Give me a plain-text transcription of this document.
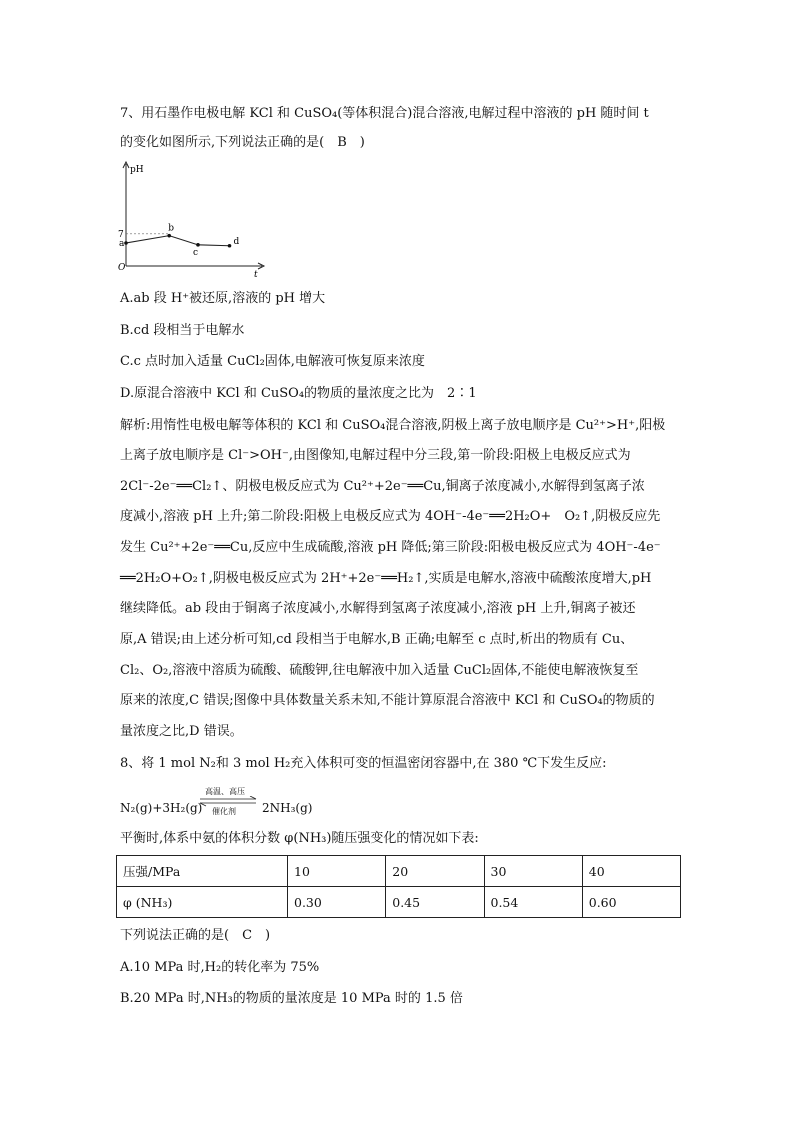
7、用石墨作电极电解 KCl 和 CuSO₄(等体积混合)混合溶液,电解过程中溶液的 pH 随时间 t
的变化如图所示,下列说法正确的是(　B　)
pH
t
O
7
a
b
c
d
A.ab 段 H⁺被还原,溶液的 pH 增大
B.cd 段相当于电解水
C.c 点时加入适量 CuCl₂固体,电解液可恢复原来浓度
D.原混合溶液中 KCl 和 CuSO₄的物质的量浓度之比为　2∶1
解析:用惰性电极电解等体积的 KCl 和 CuSO₄混合溶液,阴极上离子放电顺序是 Cu²⁺>H⁺,阳极
上离子放电顺序是 Cl⁻>OH⁻,由图像知,电解过程中分三段,第一阶段:阳极上电极反应式为
2Cl⁻-2e⁻══Cl₂↑、阴极电极反应式为 Cu²⁺+2e⁻══Cu,铜离子浓度减小,水解得到氢离子浓
度减小,溶液 pH 上升;第二阶段:阳极上电极反应式为 4OH⁻-4e⁻══2H₂O+　O₂↑,阴极反应先
发生 Cu²⁺+2e⁻══Cu,反应中生成硫酸,溶液 pH 降低;第三阶段:阳极电极反应式为 4OH⁻-4e⁻
══2H₂O+O₂↑,阴极电极反应式为 2H⁺+2e⁻══H₂↑,实质是电解水,溶液中硫酸浓度增大,pH
继续降低。ab 段由于铜离子浓度减小,水解得到氢离子浓度减小,溶液 pH 上升,铜离子被还
原,A 错误;由上述分析可知,cd 段相当于电解水,B 正确;电解至 c 点时,析出的物质有 Cu、
Cl₂、O₂,溶液中溶质为硫酸、硫酸钾,往电解液中加入适量 CuCl₂固体,不能使电解液恢复至
原来的浓度,C 错误;图像中具体数量关系未知,不能计算原混合溶液中 KCl 和 CuSO₄的物质的
量浓度之比,D 错误。
8、将 1 mol N₂和 3 mol H₂充入体积可变的恒温密闭容器中,在 380 ℃下发生反应:
N₂(g)+3H₂(g)
高温、高压
催化剂 2NH₃(g)
平衡时,体系中氨的体积分数 φ(NH₃)随压强变化的情况如下表:
压强/MPa	10	20	30	40
φ (NH₃)	0.30	0.45	0.54	0.60
下列说法正确的是(　C　)
A.10 MPa 时,H₂的转化率为 75%
B.20 MPa 时,NH₃的物质的量浓度是 10 MPa 时的 1.5 倍
